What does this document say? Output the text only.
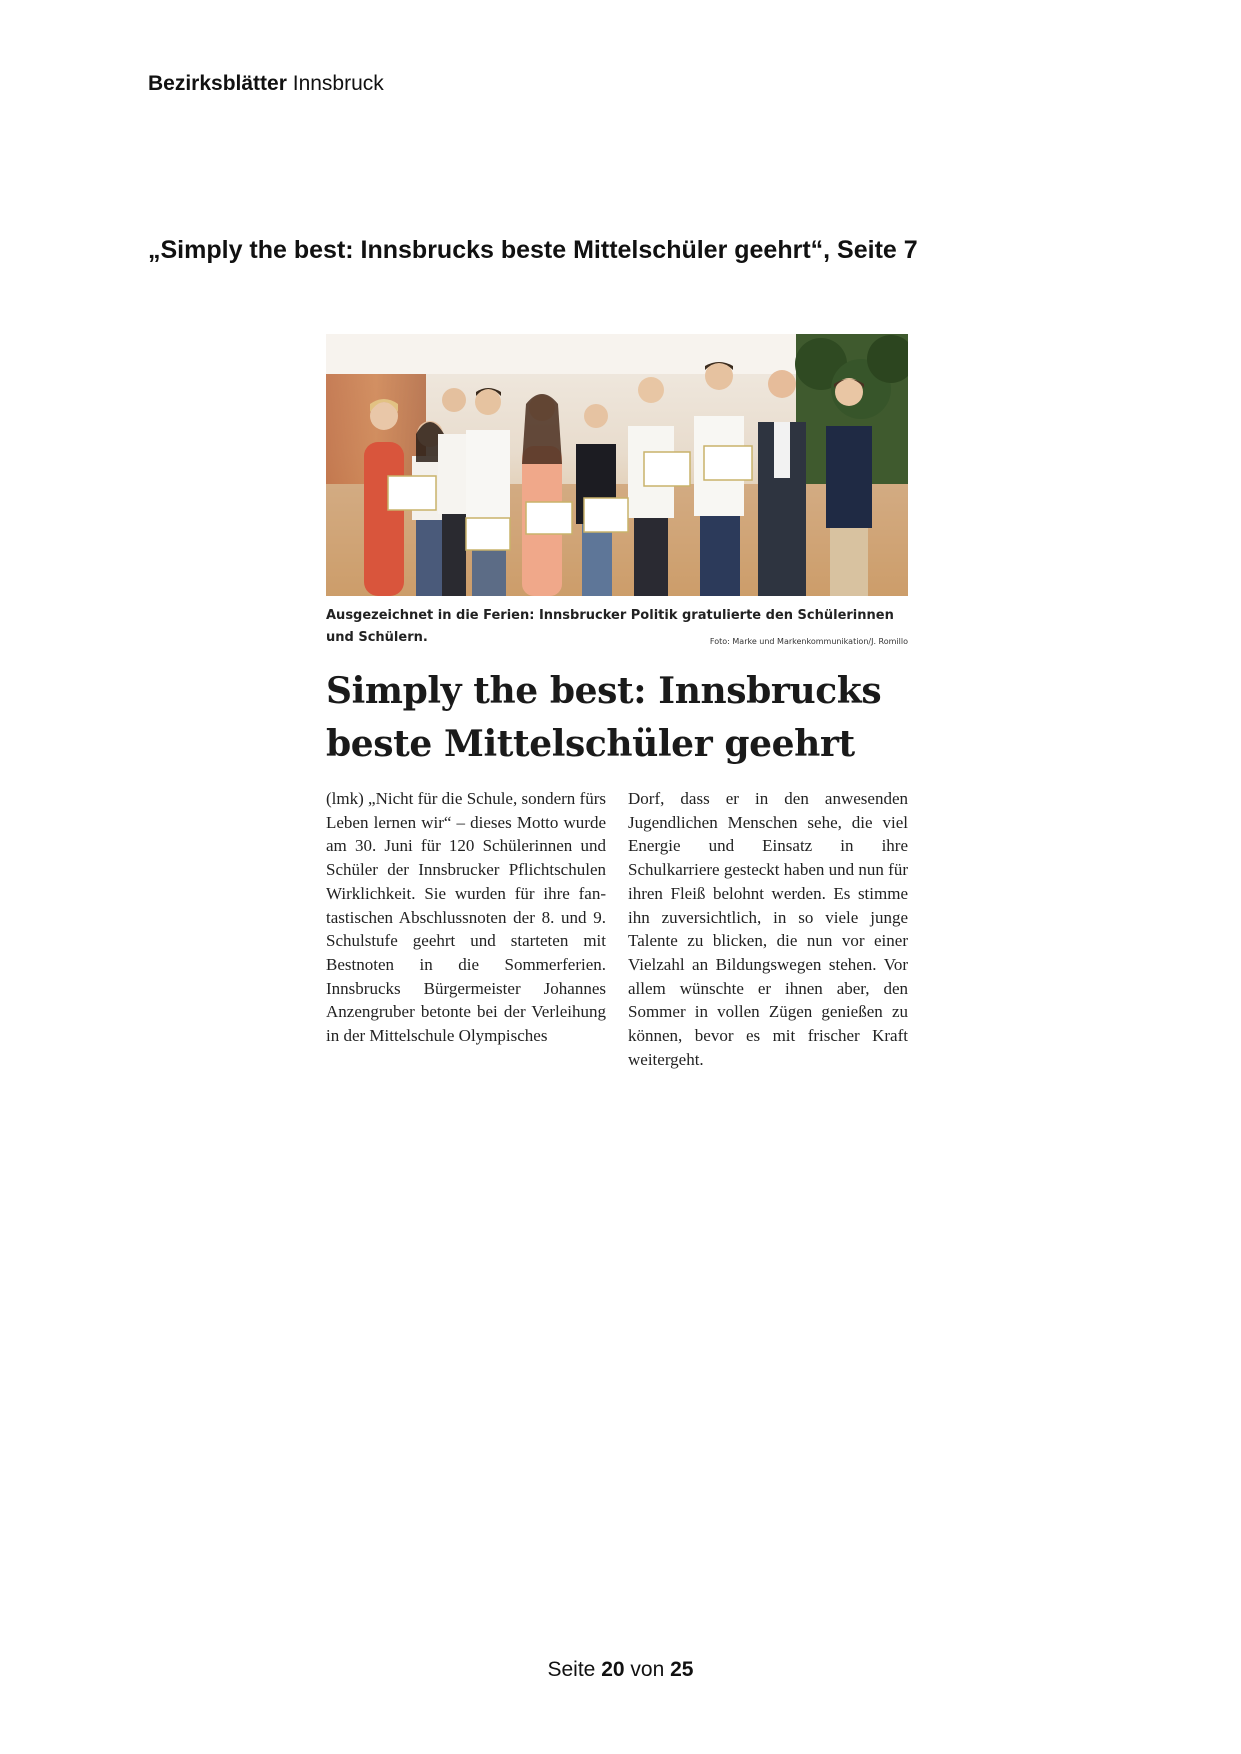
Bezirksblätter Innsbruck
„Simply the best: Innsbrucks beste Mittelschüler geehrt“, Seite 7
Ausgezeichnet in die Ferien: Innsbrucker Politik gratulierte den Schülerinnen und Schülern.	Foto: Marke und Markenkommunikation/J. Romillo
Simply the best: Innsbrucks
beste Mittelschüler geehrt

(lmk) „Nicht für die Schule, sondern fürs Leben lernen wir“ – dieses Motto wurde am 30. Juni für 120 Schülerinnen und Schüler der Innsbrucker Pflichtschulen Wirklichkeit. Sie wurden für ihre fantastischen Abschlussnoten der 8. und 9. Schulstufe geehrt und starteten mit Bestnoten in die Sommerferien. Innsbrucks Bürgermeister Johannes Anzengruber betonte bei der Verleihung in der Mittelschule Olympisches

Dorf, dass er in den anwesenden Jugendlichen Menschen sehe, die viel Energie und Einsatz in ihre Schulkarriere gesteckt haben und nun für ihren Fleiß belohnt werden. Es stimme ihn zuversichtlich, in so viele junge Talente zu blicken, die nun vor einer Vielzahl an Bildungswegen stehen. Vor allem wünschte er ihnen aber, den Sommer in vollen Zügen genießen zu können, bevor es mit frischer Kraft weitergeht.

Seite 20 von 25
